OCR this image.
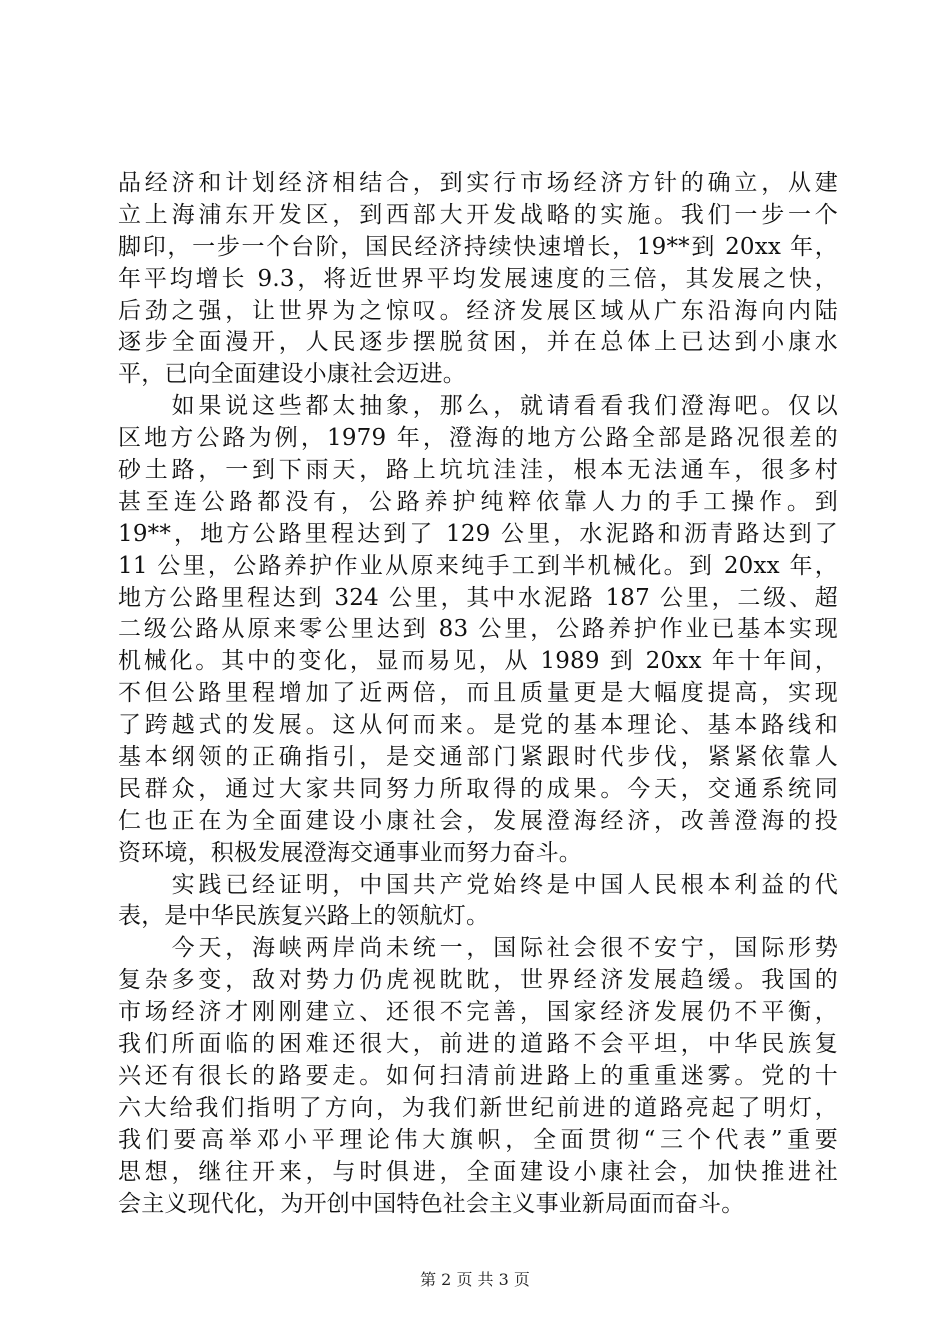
品经济和计划经济相结合，到实行市场经济方针的确立，从建
立上海浦东开发区，到西部大开发战略的实施。我们一步一个
脚印，一步一个台阶，国民经济持续快速增长，19**到 20xx 年，
年平均增长 9.3，将近世界平均发展速度的三倍，其发展之快，
后劲之强，让世界为之惊叹。经济发展区域从广东沿海向内陆
逐步全面漫开，人民逐步摆脱贫困，并在总体上已达到小康水
平，已向全面建设小康社会迈进。
　　如果说这些都太抽象，那么，就请看看我们澄海吧。仅以
区地方公路为例，1979 年，澄海的地方公路全部是路况很差的
砂土路，一到下雨天，路上坑坑洼洼，根本无法通车，很多村
甚至连公路都没有，公路养护纯粹依靠人力的手工操作。到
19**，地方公路里程达到了 129 公里，水泥路和沥青路达到了
11 公里，公路养护作业从原来纯手工到半机械化。到 20xx 年，
地方公路里程达到 324 公里，其中水泥路 187 公里，二级、超
二级公路从原来零公里达到 83 公里，公路养护作业已基本实现
机械化。其中的变化，显而易见，从 1989 到 20xx 年十年间，
不但公路里程增加了近两倍，而且质量更是大幅度提高，实现
了跨越式的发展。这从何而来。是党的基本理论、基本路线和
基本纲领的正确指引，是交通部门紧跟时代步伐，紧紧依靠人
民群众，通过大家共同努力所取得的成果。今天，交通系统同
仁也正在为全面建设小康社会，发展澄海经济，改善澄海的投
资环境，积极发展澄海交通事业而努力奋斗。
　　实践已经证明，中国共产党始终是中国人民根本利益的代
表，是中华民族复兴路上的领航灯。
　　今天，海峡两岸尚未统一，国际社会很不安宁，国际形势
复杂多变，敌对势力仍虎视眈眈，世界经济发展趋缓。我国的
市场经济才刚刚建立、还很不完善，国家经济发展仍不平衡，
我们所面临的困难还很大，前进的道路不会平坦，中华民族复
兴还有很长的路要走。如何扫清前进路上的重重迷雾。党的十
六大给我们指明了方向，为我们新世纪前进的道路亮起了明灯，
我们要高举邓小平理论伟大旗帜，全面贯彻“三个代表”重要
思想，继往开来，与时俱进，全面建设小康社会，加快推进社
会主义现代化，为开创中国特色社会主义事业新局面而奋斗。
第 2 页 共 3 页
